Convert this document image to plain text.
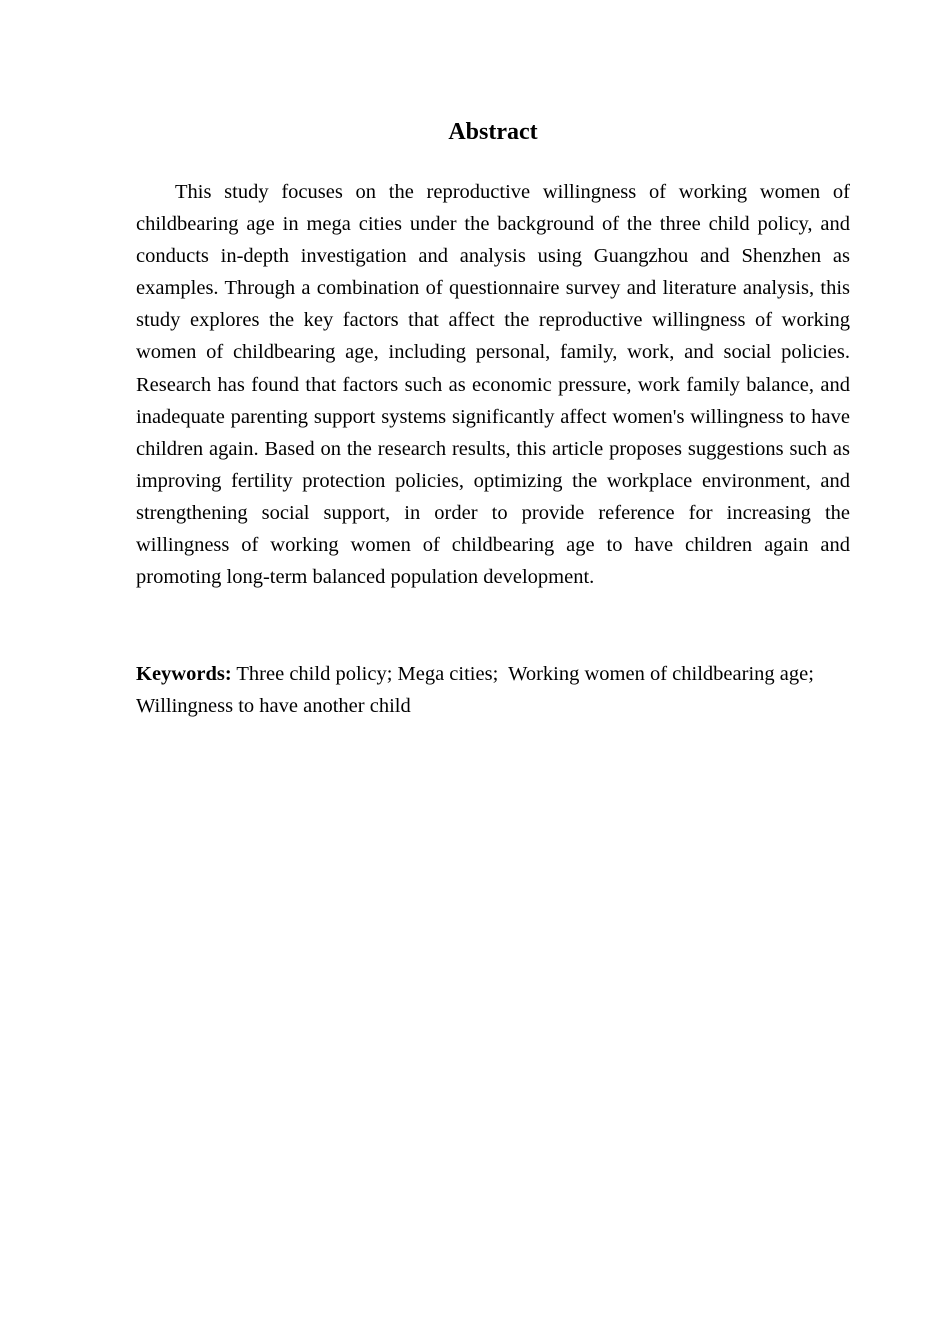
Abstract

This study focuses on the reproductive willingness of working women of childbearing age in mega cities under the background of the three child policy, and conducts in-depth investigation and analysis using Guangzhou and Shenzhen as examples. Through a combination of questionnaire survey and literature analysis, this study explores the key factors that affect the reproductive willingness of working women of childbearing age, including personal, family, work, and social policies. Research has found that factors such as economic pressure, work family balance, and inadequate parenting support systems significantly affect women's willingness to have children again. Based on the research results, this article proposes suggestions such as improving fertility protection policies, optimizing the workplace environment, and strengthening social support, in order to provide reference for increasing the willingness of working women of childbearing age to have children again and promoting long-term balanced population development.

Keywords: Three child policy; Mega cities;  Working women of childbearing age;  Willingness to have another child
